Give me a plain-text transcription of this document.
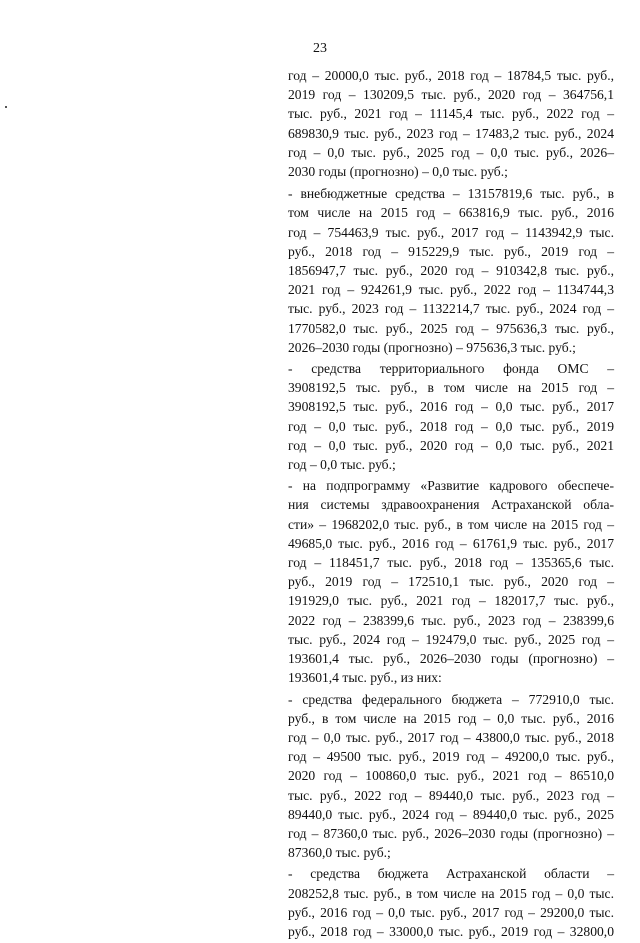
23
год – 20000,0 тыс. руб., 2018 год – 18784,5 тыс. руб.,
2019 год – 130209,5 тыс. руб., 2020 год – 364756,1
тыс. руб., 2021 год – 11145,4 тыс. руб., 2022 год –
689830,9 тыс. руб., 2023 год – 17483,2 тыс. руб., 2024
год – 0,0 тыс. руб., 2025 год – 0,0 тыс. руб., 2026–
2030 годы (прогнозно) – 0,0 тыс. руб.;
- внебюджетные средства – 13157819,6 тыс. руб., в
том числе на 2015 год – 663816,9 тыс. руб., 2016
год – 754463,9 тыс. руб., 2017 год – 1143942,9 тыс.
руб., 2018 год – 915229,9 тыс. руб., 2019 год –
1856947,7 тыс. руб., 2020 год – 910342,8 тыс. руб.,
2021 год – 924261,9 тыс. руб., 2022 год – 1134744,3
тыс. руб., 2023 год – 1132214,7 тыс. руб., 2024 год –
1770582,0 тыс. руб., 2025 год – 975636,3 тыс. руб.,
2026–2030 годы (прогнозно) – 975636,3 тыс. руб.;
- средства территориального фонда ОМС –
3908192,5 тыс. руб., в том числе на 2015 год –
3908192,5 тыс. руб., 2016 год – 0,0 тыс. руб., 2017
год – 0,0 тыс. руб., 2018 год – 0,0 тыс. руб., 2019
год – 0,0 тыс. руб., 2020 год – 0,0 тыс. руб., 2021
год – 0,0 тыс. руб.;
- на подпрограмму «Развитие кадрового обеспече-
ния системы здравоохранения Астраханской обла-
сти» – 1968202,0 тыс. руб., в том числе на 2015 год –
49685,0 тыс. руб., 2016 год – 61761,9 тыс. руб., 2017
год – 118451,7 тыс. руб., 2018 год – 135365,6 тыс.
руб., 2019 год – 172510,1 тыс. руб., 2020 год –
191929,0 тыс. руб., 2021 год – 182017,7 тыс. руб.,
2022 год – 238399,6 тыс. руб., 2023 год – 238399,6
тыс. руб., 2024 год – 192479,0 тыс. руб., 2025 год –
193601,4 тыс. руб., 2026–2030 годы (прогнозно) –
193601,4 тыс. руб., из них:
- средства федерального бюджета – 772910,0 тыс.
руб., в том числе на 2015 год – 0,0 тыс. руб., 2016
год – 0,0 тыс. руб., 2017 год – 43800,0 тыс. руб., 2018
год – 49500 тыс. руб., 2019 год – 49200,0 тыс. руб.,
2020 год – 100860,0 тыс. руб., 2021 год – 86510,0
тыс. руб., 2022 год – 89440,0 тыс. руб., 2023 год –
89440,0 тыс. руб., 2024 год – 89440,0 тыс. руб., 2025
год – 87360,0 тыс. руб., 2026–2030 годы (прогнозно) –
87360,0 тыс. руб.;
- средства бюджета Астраханской области –
208252,8 тыс. руб., в том числе на 2015 год – 0,0 тыс.
руб., 2016 год – 0,0 тыс. руб., 2017 год – 29200,0 тыс.
руб., 2018 год – 33000,0 тыс. руб., 2019 год – 32800,0
